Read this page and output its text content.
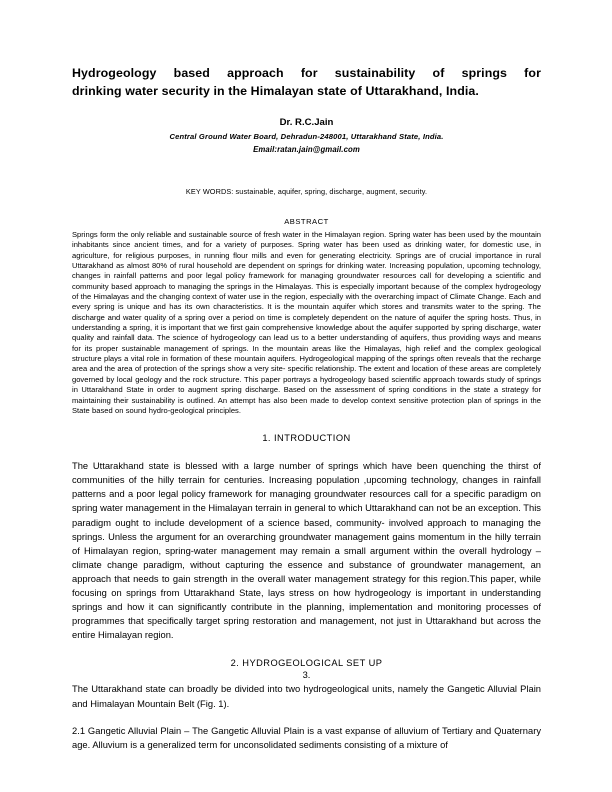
Hydrogeology based approach for sustainability of springs for
drinking water security in the Himalayan state of Uttarakhand, India.
Dr. R.C.Jain
Central Ground Water Board, Dehradun-248001, Uttarakhand State, India.
Email:ratan.jain@gmail.com
KEY WORDS: sustainable, aquifer, spring, discharge, augment, security.
ABSTRACT
Springs form the only reliable and sustainable source of fresh water in the Himalayan region. Spring water has been used by the mountain inhabitants since ancient times, and for a variety of purposes. Spring water has been used as drinking water, for domestic use, in agriculture, for religious purposes, in running flour mills and even for generating electricity. Springs are of crucial importance in rural Uttarakhand as almost 80% of rural household are dependent on springs for drinking water. Increasing population, upcoming technology, changes in rainfall patterns and poor legal policy framework for managing groundwater resources call for developing a scientific and community based approach to managing the springs in the Himalayas. This is especially important because of the complex hydrogeology of the Himalayas and the changing context of water use in the region, especially with the overarching impact of Climate Change. Each and every spring is unique and has its own characteristics. It is the mountain aquifer which stores and transmits water to the spring. The discharge and water quality of a spring over a period on time is completely dependent on the nature of aquifer the spring hosts. Thus, in understanding a spring, it is important that we first gain comprehensive knowledge about the aquifer supported by spring discharge, water quality and rainfall data. The science of hydrogeology can lead us to a better understanding of aquifers, thus providing ways and means for its proper sustainable management of springs. In the mountain areas like the Himalayas, high relief and the complex geological structure plays a vital role in formation of these mountain aquifers. Hydrogeological mapping of the springs often reveals that the recharge area and the area of protection of the springs show a very site- specific relationship. The extent and location of these areas are completely governed by local geology and the rock structure. This paper portrays a hydrogeology based scientific approach towards study of springs in Uttarakhand State in order to augment spring discharge. Based on the assessment of spring conditions in the state a strategy for maintaining their sustainability is outlined. An attempt has also been made to develop context sensitive protection plan of springs in the State based on sound hydro-geological principles.
1. INTRODUCTION
The Uttarakhand state is blessed with a large number of springs which have been quenching the thirst of communities of the hilly terrain for centuries. Increasing population ,upcoming technology, changes in rainfall patterns and a poor legal policy framework for managing groundwater resources call for a specific paradigm on spring water management in the Himalayan terrain in general to which Uttarakhand can not be an exception. This paradigm ought to include development of a science based, community- involved approach to managing the springs. Unless the argument for an overarching groundwater management gains momentum in the hilly terrain of Himalayan region, spring-water management may remain a small argument within the overall hydrology – climate change paradigm, without capturing the essence and substance of groundwater management, an approach that needs to gain strength in the overall water management strategy for this region.This paper, while focusing on springs from Uttarakhand State, lays stress on how hydrogeology is important in understanding springs and how it can significantly contribute in the planning, implementation and monitoring processes of programmes that specifically target spring restoration and management, not just in Uttarakhand but across the entire Himalayan region.
2. HYDROGEOLOGICAL SET UP
3.
The Uttarakhand state can broadly be divided into two hydrogeological units, namely the Gangetic Alluvial Plain and Himalayan Mountain Belt (Fig. 1).
2.1 Gangetic Alluvial Plain – The Gangetic Alluvial Plain is a vast expanse of alluvium of Tertiary and Quaternary age. Alluvium is a generalized term for unconsolidated sediments consisting of a mixture of
